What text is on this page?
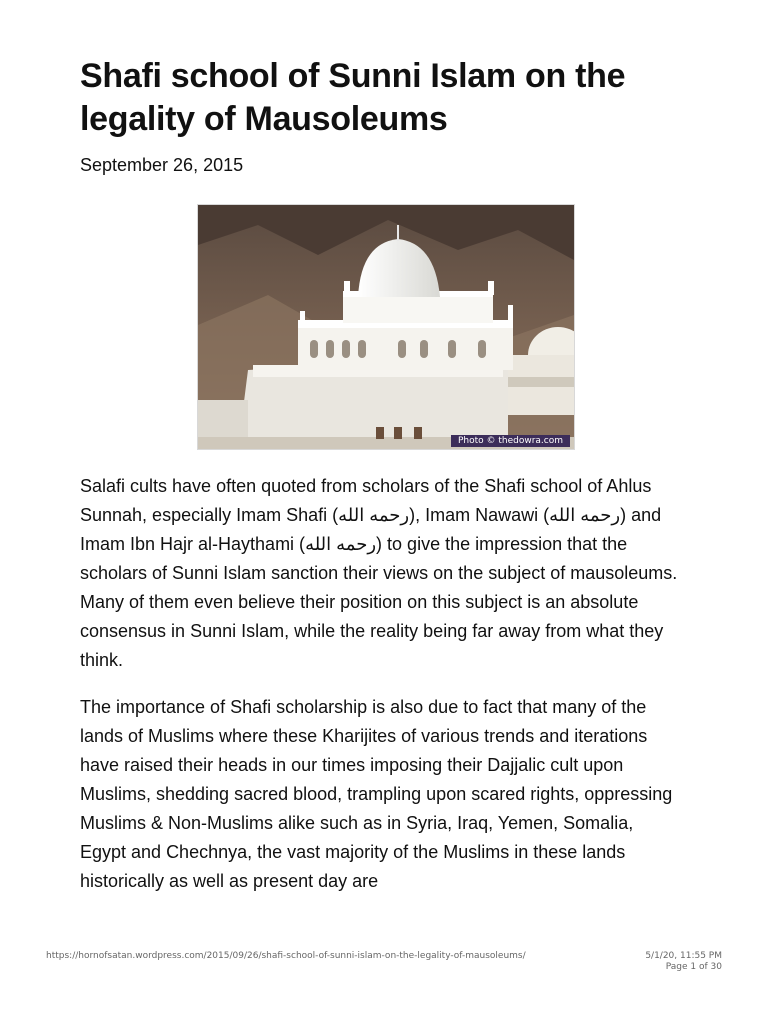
Shafi school of Sunni Islam on the legality of Mausoleums
September 26, 2015
Photo © thedowra.com

Salafi cults have often quoted from scholars of the Shafi school of Ahlus Sunnah, especially Imam Shafi (رحمه الله), Imam Nawawi (رحمه الله) and Imam Ibn Hajr al-Haythami (رحمه الله) to give the impression that the scholars of Sunni Islam sanction their views on the subject of mausoleums. Many of them even believe their position on this subject is an absolute consensus in Sunni Islam, while the reality being far away from what they think.

The importance of Shafi scholarship is also due to fact that many of the lands of Muslims where these Kharijites of various trends and iterations have raised their heads in our times imposing their Dajjalic cult upon Muslims, shedding sacred blood, trampling upon scared rights, oppressing Muslims & Non-Muslims alike such as in Syria, Iraq, Yemen, Somalia, Egypt and Chechnya, the vast majority of the Muslims in these lands historically as well as present day are

https://hornofsatan.wordpress.com/2015/09/26/shafi-school-of-sunni-islam-on-the-legality-of-mausoleums/	5/1/20, 11:55 PM
Page 1 of 30
